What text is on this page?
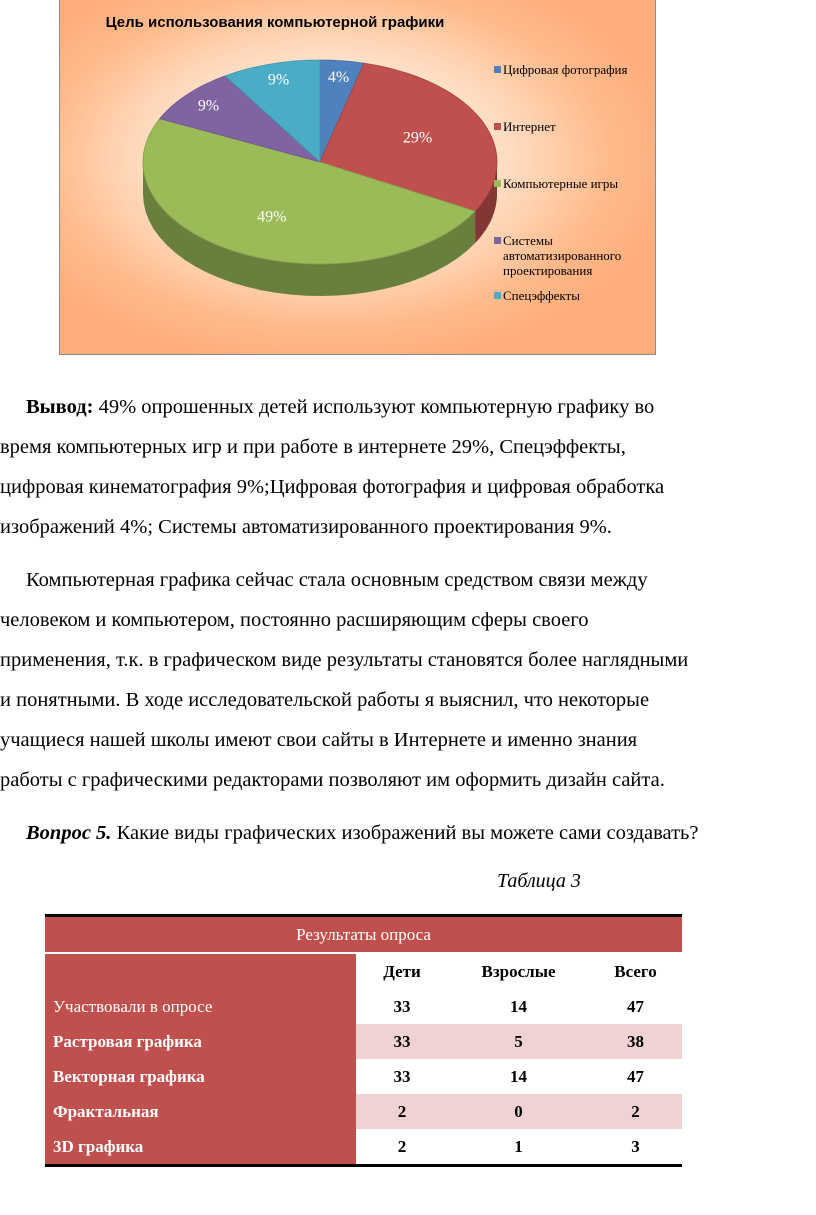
Цель использования компьютерной графики
4%
29%
49%
9%
9%
Цифровая фотография
Интернет
Компьютерные игры
Системы автоматизированного проектирования
Спецэффекты
Вывод: 49% опрошенных детей используют компьютерную графику во
время компьютерных игр и при работе в интернете 29%, Спецэффекты,
цифровая кинематография 9%;Цифровая фотография и цифровая обработка
изображений 4%; Системы автоматизированного проектирования 9%.
Компьютерная графика сейчас стала основным средством связи между
человеком и компьютером, постоянно расширяющим сферы своего
применения, т.к. в графическом виде результаты становятся более наглядными
и понятными. В ходе исследовательской работы я выяснил, что некоторые
учащиеся нашей школы имеют свои сайты в Интернете и именно знания
работы с графическими редакторами позволяют им оформить дизайн сайта.
Вопрос 5. Какие виды графических изображений вы можете сами создавать?
Таблица 3
Результаты опроса			
	Дети	Взрослые	Всего
Участвовали в опросе	33	14	47
Растровая графика	33	5	38
Векторная графика	33	14	47
Фрактальная	2	0	2
3D графика	2	1	3
